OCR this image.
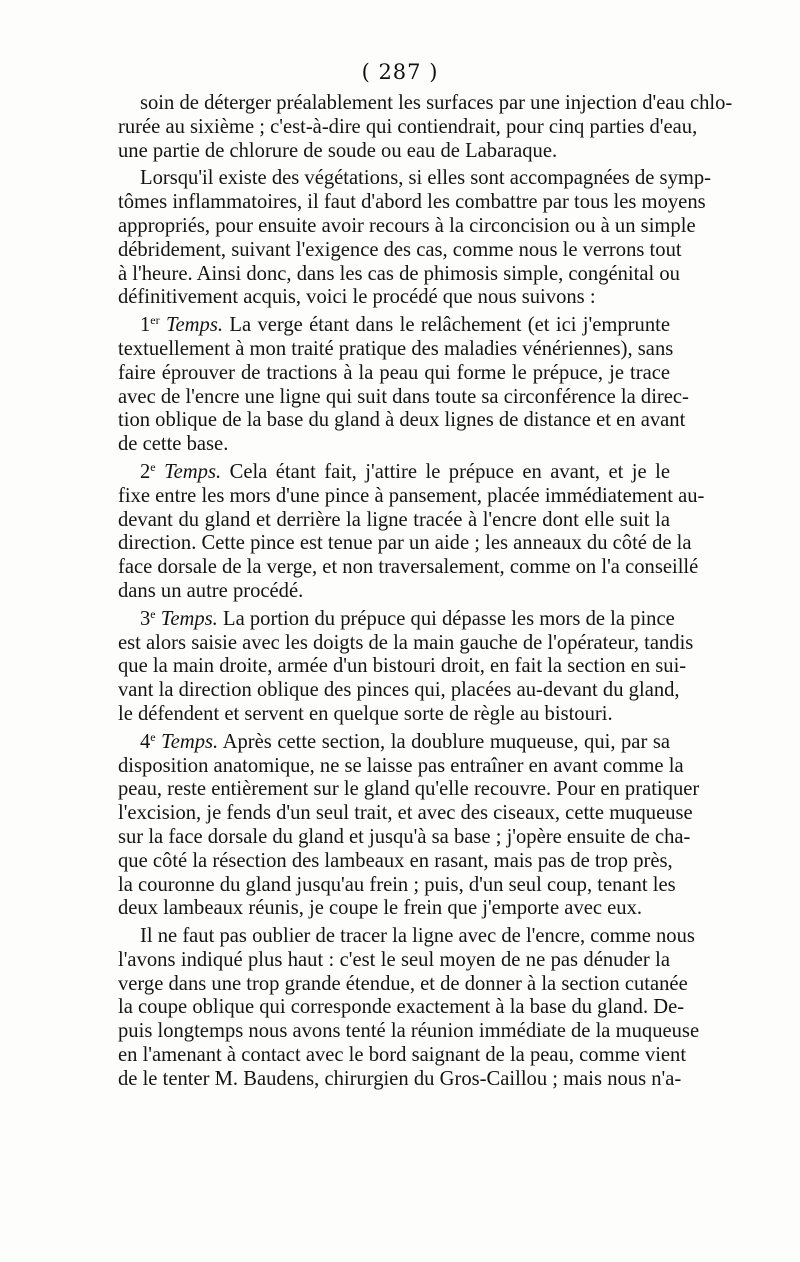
( 287 )
soin de déterger préalablement les surfaces par une injection d'eau chlo-
rurée au sixième ; c'est-à-dire qui contiendrait, pour cinq parties d'eau,
une partie de chlorure de soude ou eau de Labaraque.
Lorsqu'il existe des végétations, si elles sont accompagnées de symp-
tômes inflammatoires, il faut d'abord les combattre par tous les moyens
appropriés, pour ensuite avoir recours à la circoncision ou à un simple
débridement, suivant l'exigence des cas, comme nous le verrons tout
à l'heure. Ainsi donc, dans les cas de phimosis simple, congénital ou
définitivement acquis, voici le procédé que nous suivons :
1er Temps. La verge étant dans le relâchement (et ici j'emprunte
textuellement à mon traité pratique des maladies vénériennes), sans
faire éprouver de tractions à la peau qui forme le prépuce, je trace
avec de l'encre une ligne qui suit dans toute sa circonférence la direc-
tion oblique de la base du gland à deux lignes de distance et en avant
de cette base.
2e Temps. Cela étant fait, j'attire le prépuce en avant, et je le
fixe entre les mors d'une pince à pansement, placée immédiatement au-
devant du gland et derrière la ligne tracée à l'encre dont elle suit la
direction. Cette pince est tenue par un aide ; les anneaux du côté de la
face dorsale de la verge, et non traversalement, comme on l'a conseillé
dans un autre procédé.
3e Temps. La portion du prépuce qui dépasse les mors de la pince
est alors saisie avec les doigts de la main gauche de l'opérateur, tandis
que la main droite, armée d'un bistouri droit, en fait la section en sui-
vant la direction oblique des pinces qui, placées au-devant du gland,
le défendent et servent en quelque sorte de règle au bistouri.
4e Temps. Après cette section, la doublure muqueuse, qui, par sa
disposition anatomique, ne se laisse pas entraîner en avant comme la
peau, reste entièrement sur le gland qu'elle recouvre. Pour en pratiquer
l'excision, je fends d'un seul trait, et avec des ciseaux, cette muqueuse
sur la face dorsale du gland et jusqu'à sa base ; j'opère ensuite de cha-
que côté la résection des lambeaux en rasant, mais pas de trop près,
la couronne du gland jusqu'au frein ; puis, d'un seul coup, tenant les
deux lambeaux réunis, je coupe le frein que j'emporte avec eux.
Il ne faut pas oublier de tracer la ligne avec de l'encre, comme nous
l'avons indiqué plus haut : c'est le seul moyen de ne pas dénuder la
verge dans une trop grande étendue, et de donner à la section cutanée
la coupe oblique qui corresponde exactement à la base du gland. De-
puis longtemps nous avons tenté la réunion immédiate de la muqueuse
en l'amenant à contact avec le bord saignant de la peau, comme vient
de le tenter M. Baudens, chirurgien du Gros-Caillou ; mais nous n'a-
